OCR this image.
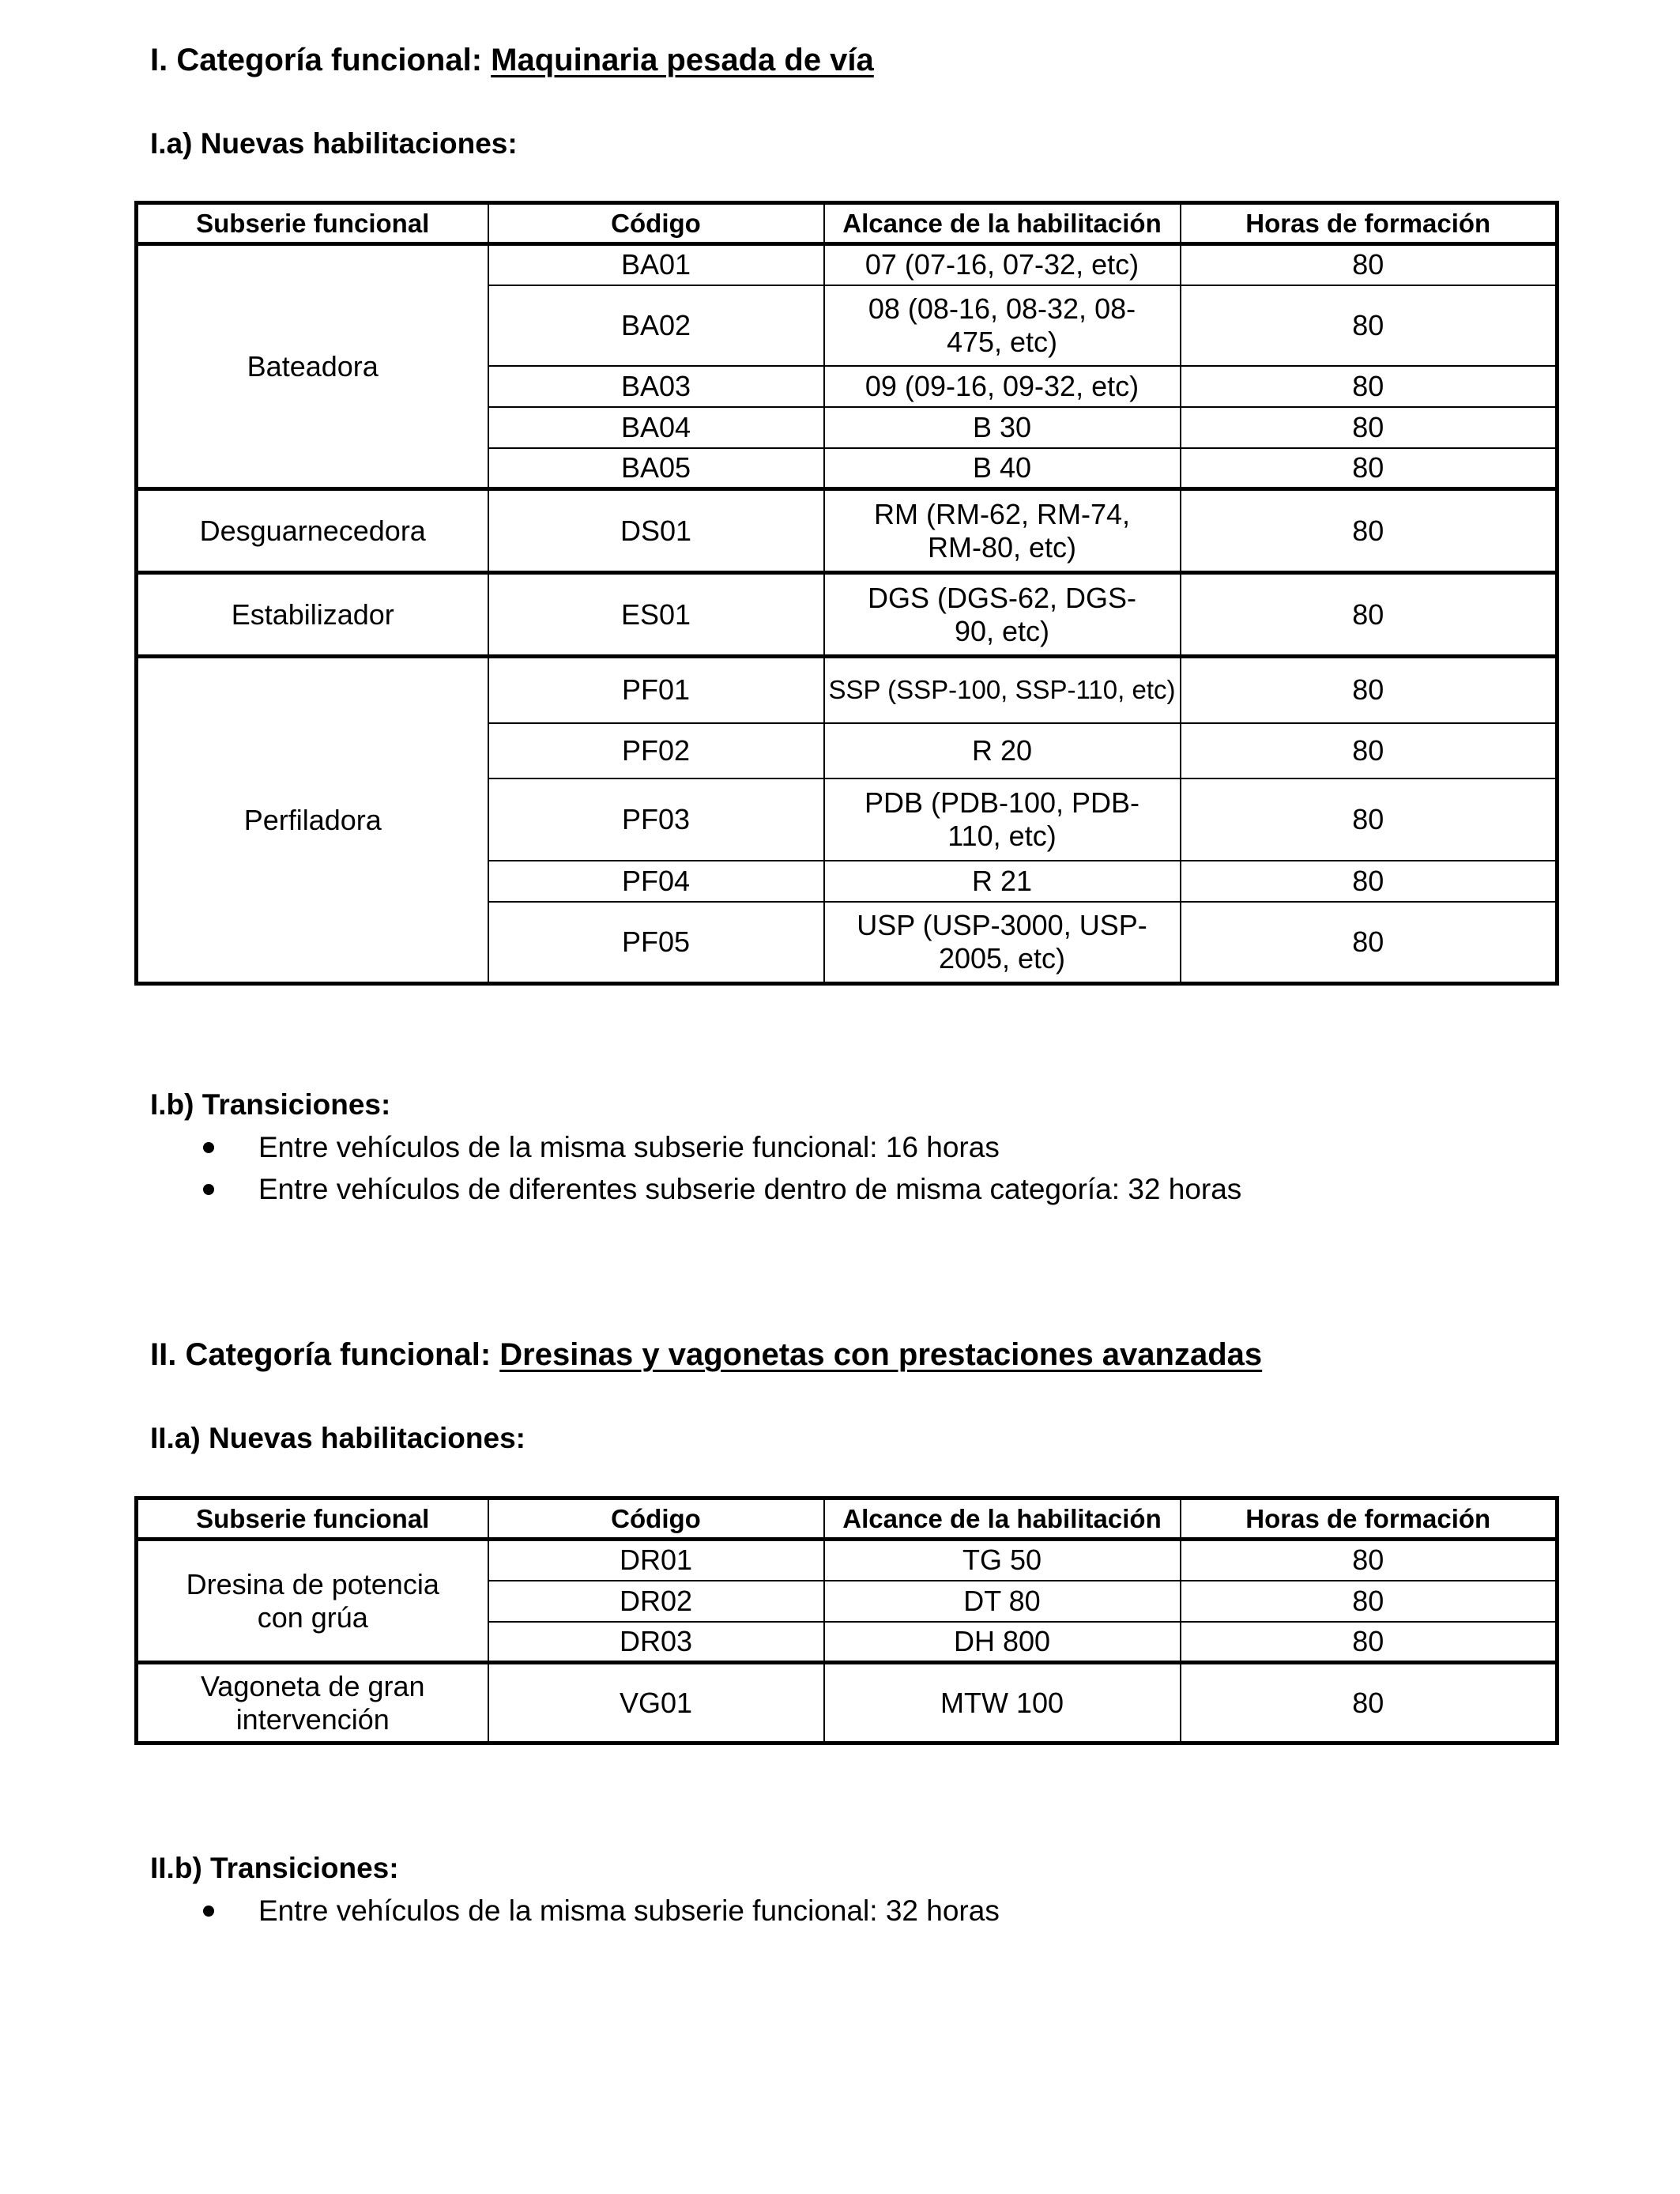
I. Categoría funcional: Maquinaria pesada de vía
I.a) Nuevas habilitaciones:
Subserie funcional	Código	Alcance de la habilitación	Horas de formación
Bateadora	BA01	07 (07-16, 07-32, etc)	80
	BA02	08 (08-16, 08-32, 08-475, etc)	80
	BA03	09 (09-16, 09-32, etc)	80
	BA04	B 30	80
	BA05	B 40	80
Desguarnecedora	DS01	RM (RM-62, RM-74, RM-80, etc)	80
Estabilizador	ES01	DGS (DGS-62, DGS-90, etc)	80
Perfiladora	PF01	SSP (SSP-100, SSP-110, etc)	80
	PF02	R 20	80
	PF03	PDB (PDB-100, PDB-110, etc)	80
	PF04	R 21	80
	PF05	USP (USP-3000, USP-2005, etc)	80
I.b) Transiciones:
Entre vehículos de la misma subserie funcional: 16 horas
Entre vehículos de diferentes subserie dentro de misma categoría: 32 horas
II. Categoría funcional: Dresinas y vagonetas con prestaciones avanzadas
II.a) Nuevas habilitaciones:
Subserie funcional	Código	Alcance de la habilitación	Horas de formación
Dresina de potencia con grúa	DR01	TG 50	80
	DR02	DT 80	80
	DR03	DH 800	80
Vagoneta de gran intervención	VG01	MTW 100	80
II.b) Transiciones:
Entre vehículos de la misma subserie funcional: 32 horas
